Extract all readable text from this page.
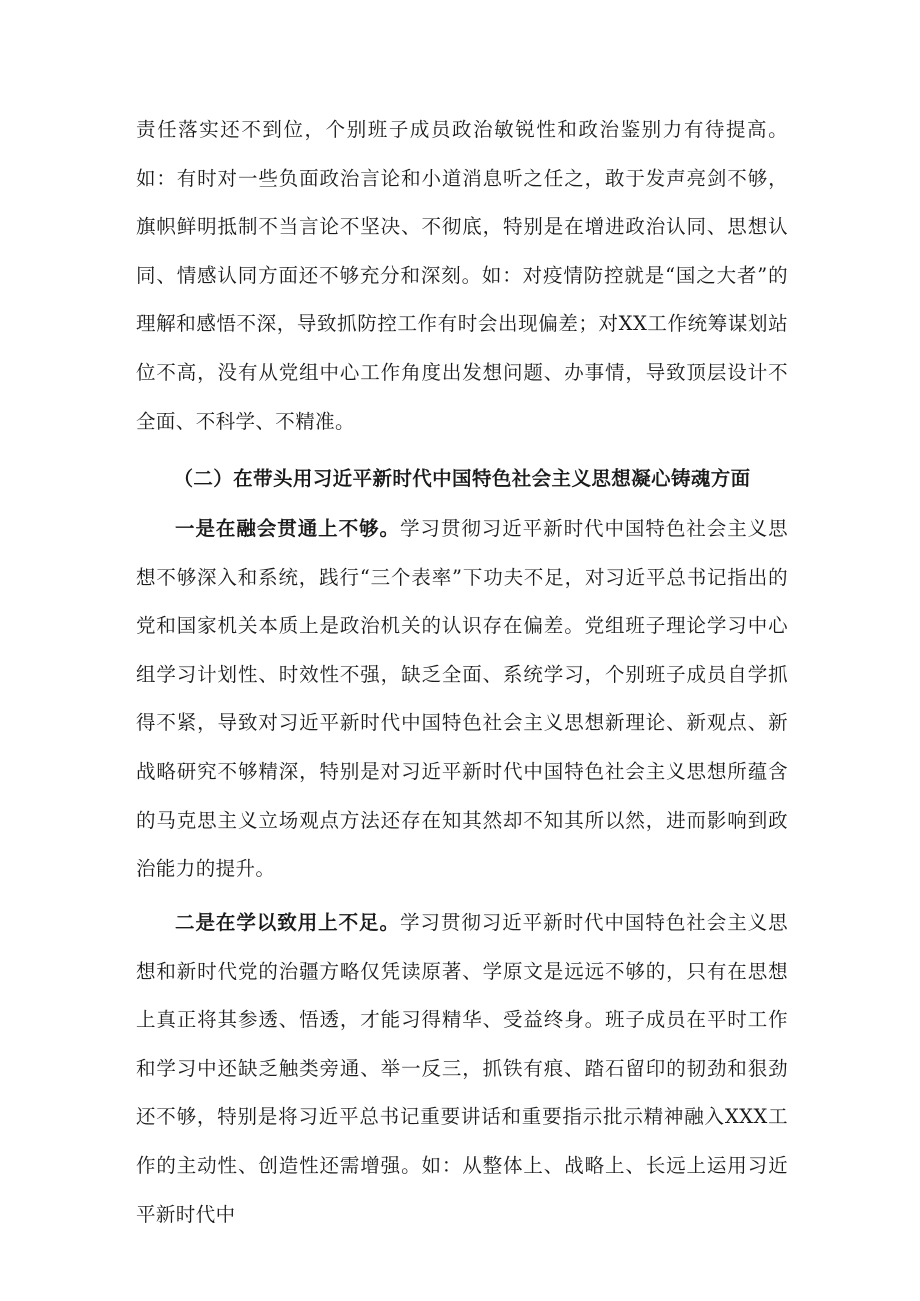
责任落实还不到位，个别班子成员政治敏锐性和政治鉴别力有待提高。如：有时对一些负面政治言论和小道消息听之任之，敢于发声亮剑不够，旗帜鲜明抵制不当言论不坚决、不彻底，特别是在增进政治认同、思想认同、情感认同方面还不够充分和深刻。如：对疫情防控就是“国之大者”的理解和感悟不深，导致抓防控工作有时会出现偏差；对XX工作统筹谋划站位不高，没有从党组中心工作角度出发想问题、办事情，导致顶层设计不全面、不科学、不精准。

（二）在带头用习近平新时代中国特色社会主义思想凝心铸魂方面

一是在融会贯通上不够。学习贯彻习近平新时代中国特色社会主义思想不够深入和系统，践行“三个表率”下功夫不足，对习近平总书记指出的党和国家机关本质上是政治机关的认识存在偏差。党组班子理论学习中心组学习计划性、时效性不强，缺乏全面、系统学习，个别班子成员自学抓得不紧，导致对习近平新时代中国特色社会主义思想新理论、新观点、新战略研究不够精深，特别是对习近平新时代中国特色社会主义思想所蕴含的马克思主义立场观点方法还存在知其然却不知其所以然，进而影响到政治能力的提升。

二是在学以致用上不足。学习贯彻习近平新时代中国特色社会主义思想和新时代党的治疆方略仅凭读原著、学原文是远远不够的，只有在思想上真正将其参透、悟透，才能习得精华、受益终身。班子成员在平时工作和学习中还缺乏触类旁通、举一反三，抓铁有痕、踏石留印的韧劲和狠劲还不够，特别是将习近平总书记重要讲话和重要指示批示精神融入XXX工作的主动性、创造性还需增强。如：从整体上、战略上、长远上运用习近平新时代中
